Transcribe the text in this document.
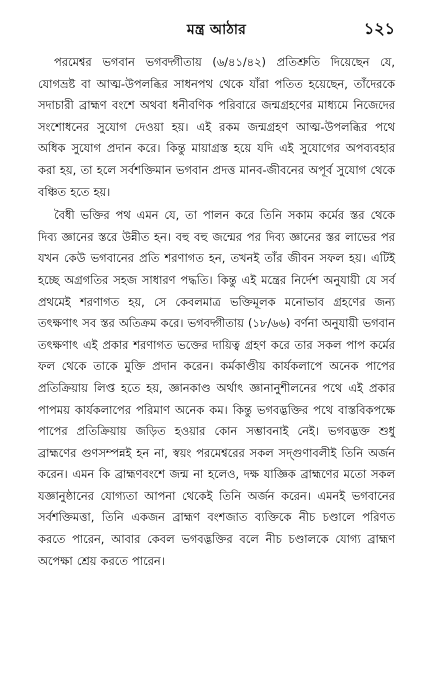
মন্ত্র আঠার	১২১

পরমেশ্বর ভগবান ভগবদ্গীতায় (৬/৪১/৪২) প্রতিশ্রুতি দিয়েছেন যে, যোগভ্রষ্ট বা আত্ম-উপলব্ধির সাধনপথ থেকে যাঁরা পতিত হয়েছেন, তাঁদেরকে সদাচারী ব্রাহ্মণ বংশে অথবা ধনীবণিক পরিবারে জন্মগ্রহণের মাধ্যমে নিজেদের সংশোধনের সুযোগ দেওয়া হয়। এই রকম জন্মগ্রহণ আত্ম-উপলব্ধির পথে অধিক সুযোগ প্রদান করে। কিন্তু মায়াগ্রস্ত হয়ে যদি এই সুযোগের অপব্যবহার করা হয়, তা হলে সর্বশক্তিমান ভগবান প্রদত্ত মানব-জীবনের অপূর্ব সুযোগ থেকে বঞ্চিত হতে হয়।

বৈধী ভক্তির পথ এমন যে, তা পালন করে তিনি সকাম কর্মের স্তর থেকে দিব্য জ্ঞানের স্তরে উন্নীত হন। বহু বহু জন্মের পর দিব্য জ্ঞানের স্তর লাভের পর যখন কেউ ভগবানের প্রতি শরণাগত হন, তখনই তাঁর জীবন সফল হয়। এটিই হচ্ছে অগ্রগতির সহজ সাধারণ পদ্ধতি। কিন্তু এই মন্ত্রের নির্দেশ অনুযায়ী যে সর্ব প্রথমেই শরণাগত হয়, সে কেবলমাত্র ভক্তিমূলক মনোভাব গ্রহণের জন্য তৎক্ষণাৎ সব স্তর অতিক্রম করে। ভগবদ্গীতায় (১৮/৬৬) বর্ণনা অনুযায়ী ভগবান তৎক্ষণাৎ এই প্রকার শরণাগত ভক্তের দায়িত্ব গ্রহণ করে তার সকল পাপ কর্মের ফল থেকে তাকে মুক্তি প্রদান করেন। কর্মকাণ্ডীয় কার্যকলাপে অনেক পাপের প্রতিক্রিয়ায় লিপ্ত হতে হয়, জ্ঞানকাণ্ড অর্থাৎ জ্ঞানানুশীলনের পথে এই প্রকার পাপময় কার্যকলাপের পরিমাণ অনেক কম। কিন্তু ভগবদ্ভক্তির পথে বাস্তবিকপক্ষে পাপের প্রতিক্রিয়ায় জড়িত হওয়ার কোন সম্ভাবনাই নেই। ভগবদ্ভক্ত শুধু ব্রাহ্মণের গুণসম্পন্নই হন না, স্বয়ং পরমেশ্বরের সকল সদ্গুণাবলীই তিনি অর্জন করেন। এমন কি ব্রাহ্মণবংশে জন্ম না হলেও, দক্ষ যাজ্ঞিক ব্রাহ্মণের মতো সকল যজ্ঞানুষ্ঠানের যোগ্যতা আপনা থেকেই তিনি অর্জন করেন। এমনই ভগবানের সর্বশক্তিমত্তা, তিনি একজন ব্রাহ্মণ বংশজাত ব্যক্তিকে নীচ চণ্ডালে পরিণত করতে পারেন, আবার কেবল ভগবদ্ভক্তির বলে নীচ চণ্ডালকে যোগ্য ব্রাহ্মণ অপেক্ষা শ্রেয় করতে পারেন।
